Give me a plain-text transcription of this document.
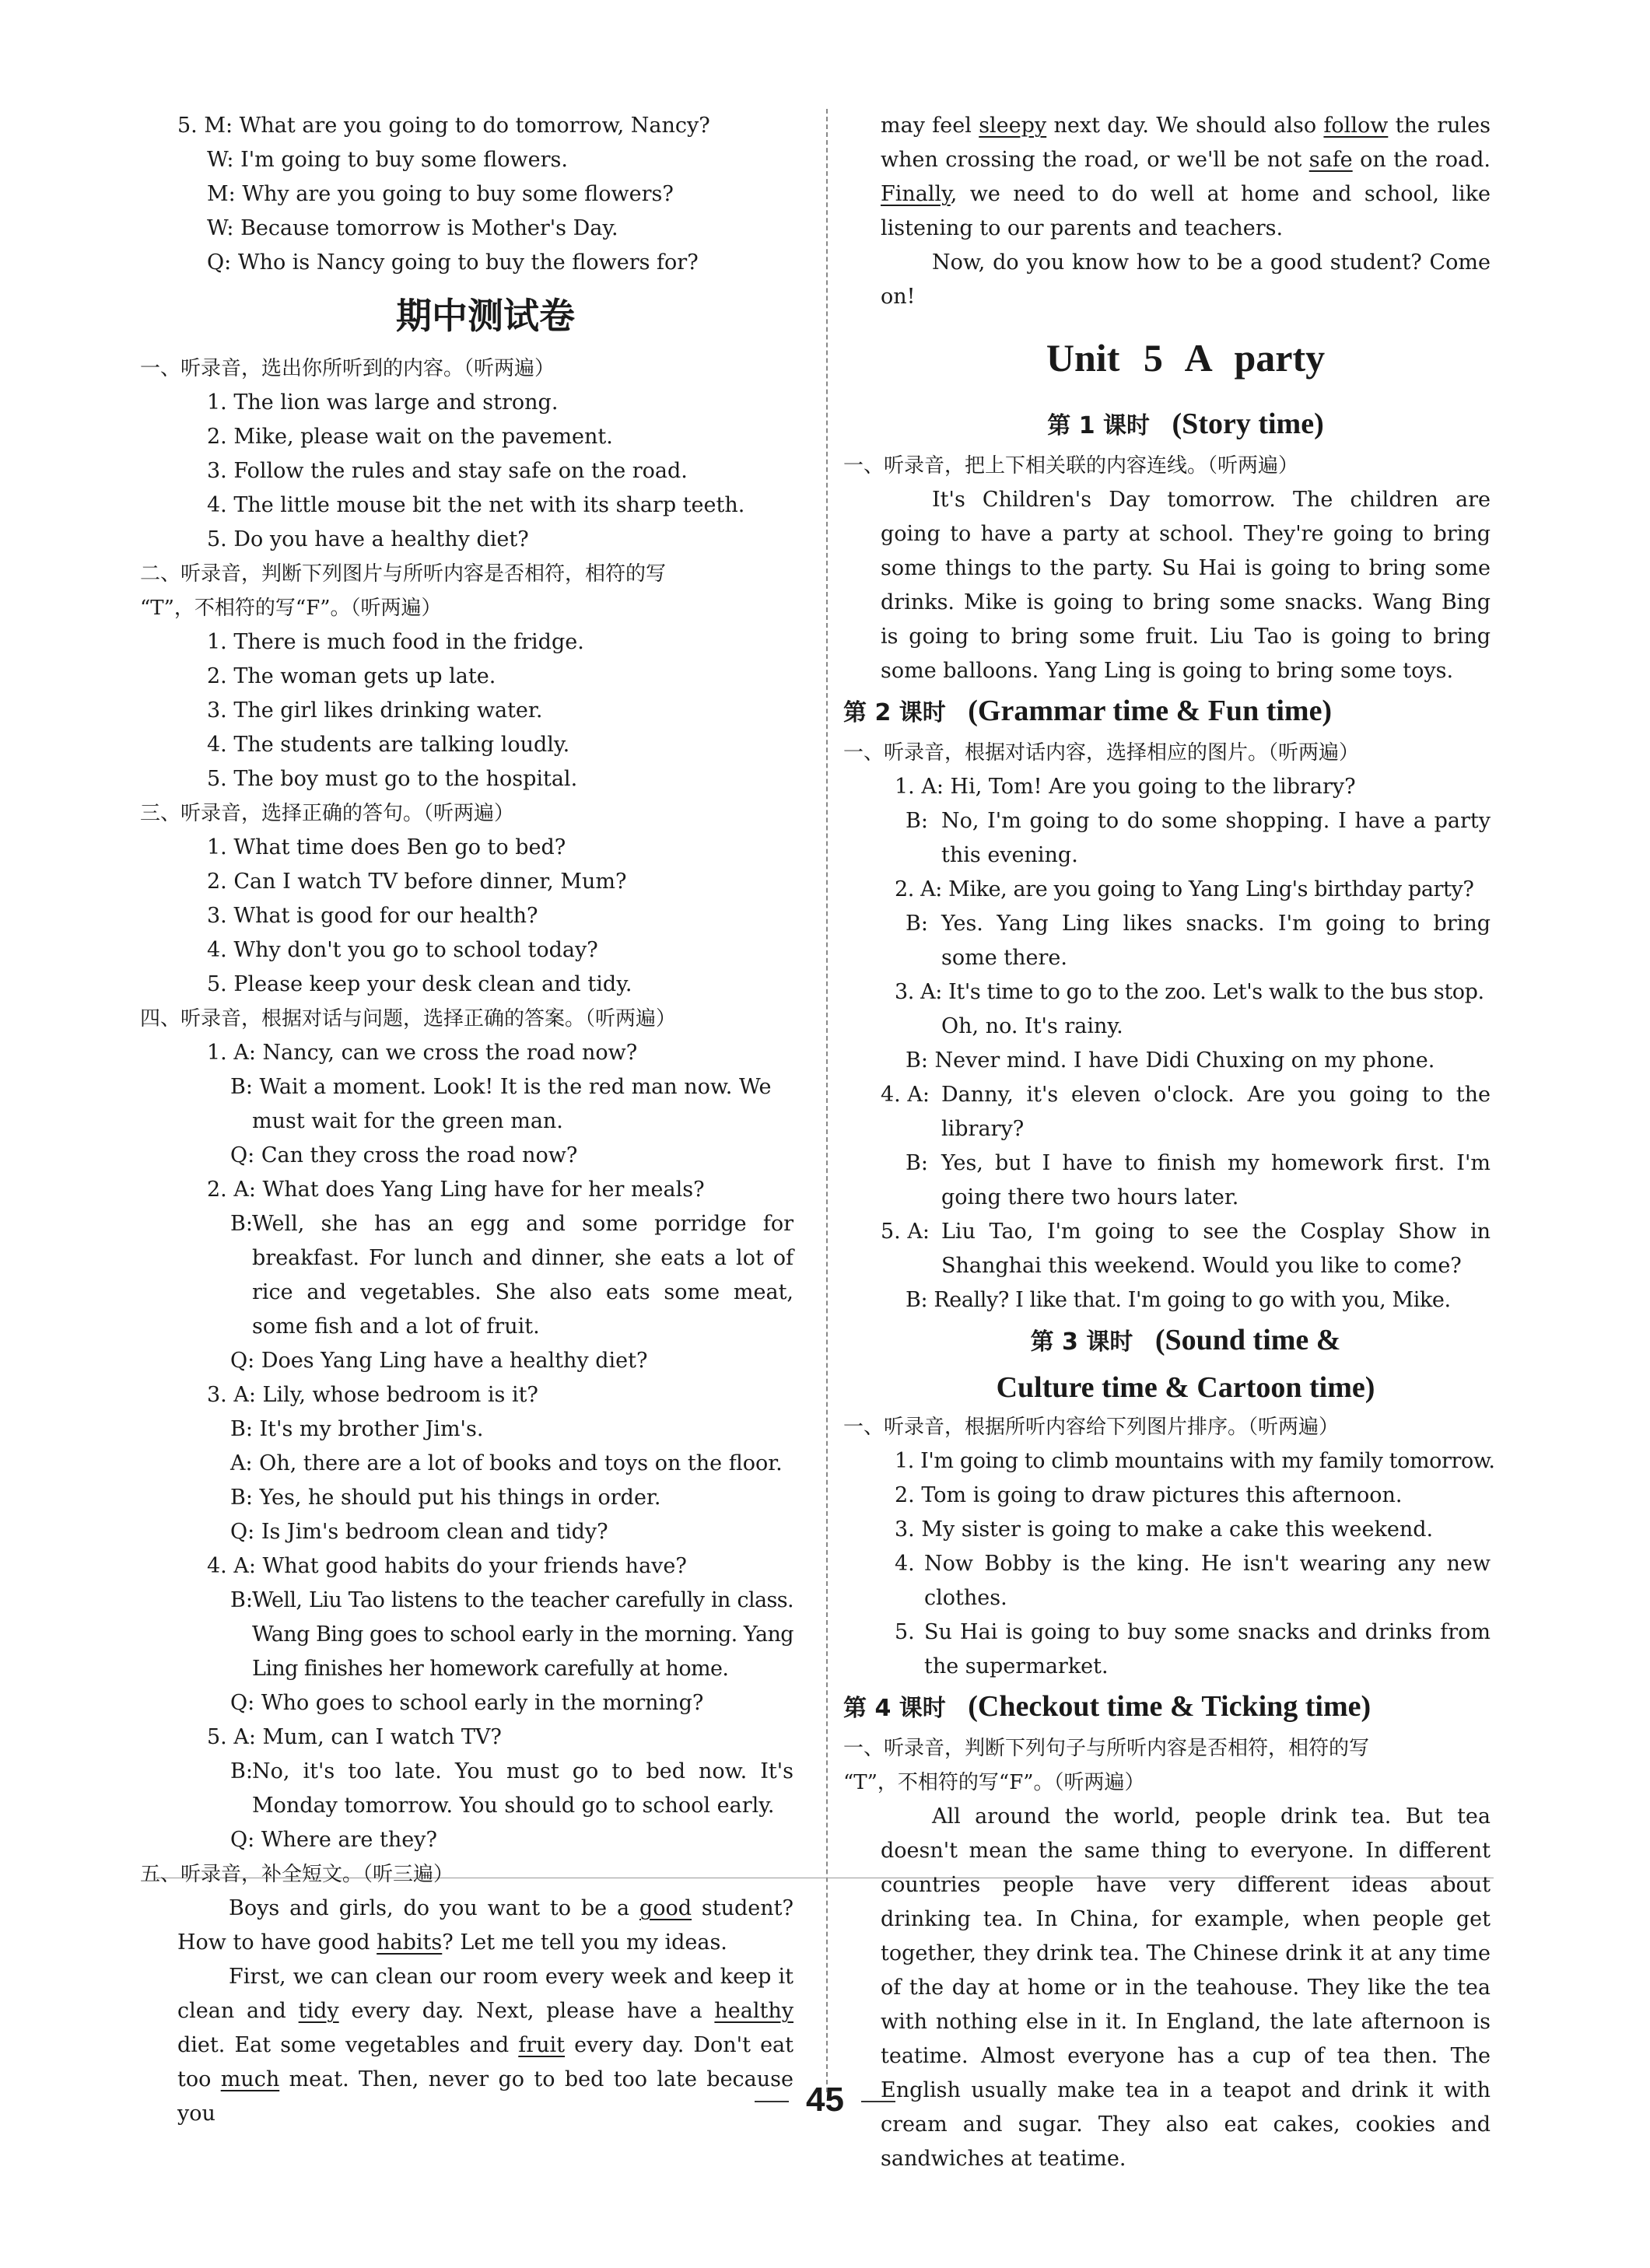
5. M: What are you going to do tomorrow, Nancy?

W: I'm going to buy some flowers.

M: Why are you going to buy some flowers?

W: Because tomorrow is Mother's Day.

Q: Who is Nancy going to buy the flowers for?

期中测试卷

一、听录音，选出你所听到的内容。（听两遍）

1. The lion was large and strong.

2. Mike, please wait on the pavement.

3. Follow the rules and stay safe on the road.

4. The little mouse bit the net with its sharp teeth.

5. Do you have a healthy diet?

二、听录音，判断下列图片与所听内容是否相符，相符的写

“T”，不相符的写“F”。（听两遍）

1. There is much food in the fridge.

2. The woman gets up late.

3. The girl likes drinking water.

4. The students are talking loudly.

5. The boy must go to the hospital.

三、听录音，选择正确的答句。（听两遍）

1. What time does Ben go to bed?

2. Can I watch TV before dinner, Mum?

3. What is good for our health?

4. Why don't you go to school today?

5. Please keep your desk clean and tidy.

四、听录音，根据对话与问题，选择正确的答案。（听两遍）

1. A: Nancy, can we cross the road now?

B: Wait a moment. Look! It is the red man now. We

must wait for the green man.

Q: Can they cross the road now?

2. A: What does Yang Ling have for her meals?

B: Well, she has an egg and some porridge for breakfast. For lunch and dinner, she eats a lot of rice and vegetables. She also eats some meat, some fish and a lot of fruit.

Q: Does Yang Ling have a healthy diet?

3. A: Lily, whose bedroom is it?

B: It's my brother Jim's.

A: Oh, there are a lot of books and toys on the floor.

B: Yes, he should put his things in order.

Q: Is Jim's bedroom clean and tidy?

4. A: What good habits do your friends have?

B: Well, Liu Tao listens to the teacher carefully in class. Wang Bing goes to school early in the morning. Yang Ling finishes her homework carefully at home.

Q: Who goes to school early in the morning?

5. A: Mum, can I watch TV?

B: No, it's too late. You must go to bed now. It's Monday tomorrow. You should go to school early.

Q: Where are they?

五、听录音，补全短文。（听三遍）

Boys and girls, do you want to be a good student? How to have good habits? Let me tell you my ideas.

First, we can clean our room every week and keep it clean and tidy every day. Next, please have a healthy diet. Eat some vegetables and fruit every day. Don't eat too much meat. Then, never go to bed too late because you

may feel sleepy next day. We should also follow the rules when crossing the road, or we'll be not safe on the road. Finally, we need to do well at home and school, like listening to our parents and teachers.

Now, do you know how to be a good student? Come on!

Unit 5 A party

第 1 课时 (Story time)

一、听录音，把上下相关联的内容连线。（听两遍）

It's Children's Day tomorrow. The children are going to have a party at school. They're going to bring some things to the party. Su Hai is going to bring some drinks. Mike is going to bring some snacks. Wang Bing is going to bring some fruit. Liu Tao is going to bring some balloons. Yang Ling is going to bring some toys.

第 2 课时 (Grammar time & Fun time)

一、听录音，根据对话内容，选择相应的图片。（听两遍）

1. A: Hi, Tom! Are you going to the library?

B: No, I'm going to do some shopping. I have a party this evening.

2. A: Mike, are you going to Yang Ling's birthday party?

B: Yes. Yang Ling likes snacks. I'm going to bring some there.

3. A: It's time to go to the zoo. Let's walk to the bus stop.

Oh, no. It's rainy.

B: Never mind. I have Didi Chuxing on my phone.

4. A: Danny, it's eleven o'clock. Are you going to the library?

B: Yes, but I have to finish my homework first. I'm going there two hours later.

5. A: Liu Tao, I'm going to see the Cosplay Show in Shanghai this weekend. Would you like to come?

B: Really? I like that. I'm going to go with you, Mike.

第 3 课时 (Sound time &

Culture time & Cartoon time)

一、听录音，根据所听内容给下列图片排序。（听两遍）

1. I'm going to climb mountains with my family tomorrow.

2. Tom is going to draw pictures this afternoon.

3. My sister is going to make a cake this weekend.

4. Now Bobby is the king. He isn't wearing any new clothes.

5. Su Hai is going to buy some snacks and drinks from the supermarket.

第 4 课时 (Checkout time & Ticking time)

一、听录音，判断下列句子与所听内容是否相符，相符的写

“T”，不相符的写“F”。（听两遍）

All around the world, people drink tea. But tea doesn't mean the same thing to everyone. In different countries people have very different ideas about drinking tea. In China, for example, when people get together, they drink tea. The Chinese drink it at any time of the day at home or in the teahouse. They like the tea with nothing else in it. In England, the late afternoon is teatime. Almost everyone has a cup of tea then. The English usually make tea in a teapot and drink it with cream and sugar. They also eat cakes, cookies and sandwiches at teatime.

45
